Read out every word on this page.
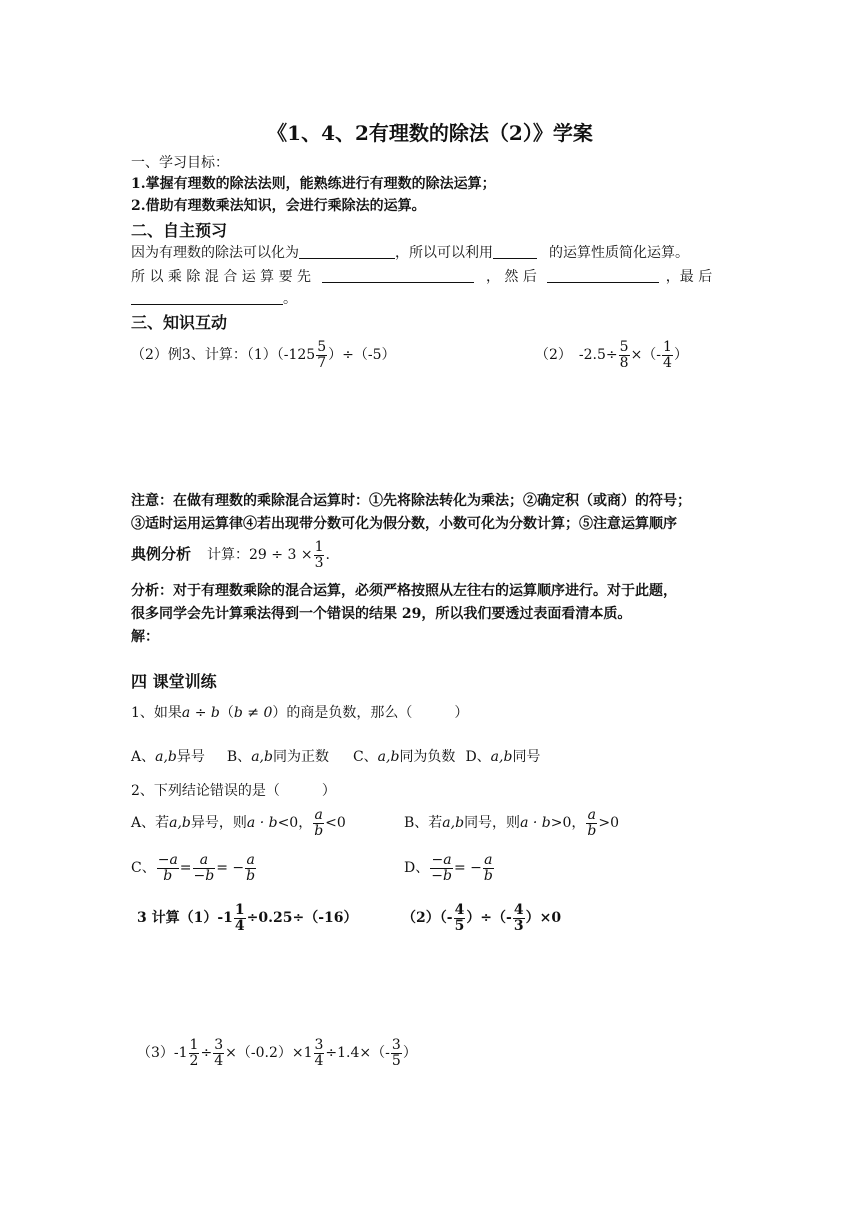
《1、4、2有理数的除法（2）》学案
一、学习目标：
1.掌握有理数的除法法则，能熟练进行有理数的除法运算；
2.借助有理数乘法知识，会进行乘除法的运算。
二、自主预习
因为有理数的除法可以化为	，所以可以利用	的运算性质简化运算。
所 以 乘 除 混 合 运 算 要 先	， 然 后	，最 后
。
三、知识互动
（2）例3、计算：$(1)(-125 \frac{5}{7} )\div(-5)$	（2）　$-2.5\div \frac{5}{8}$ ×（- $\frac{1}{4}$ ）
注意：在做有理数的乘除混合运算时：①先将除法转化为乘法；②确定积（或商）的符号；
③适时运用运算律④若出现带分数可化为假分数，小数可化为分数计算；⑤注意运算顺序
典例分析 计算：$29 \div 3 \times \frac{1}{3}$ .
分析：对于有理数乘除的混合运算，必须严格按照从左往右的运算顺序进行。对于此题，
很多同学会先计算乘法得到一个错误的结果 29，所以我们要透过表面看清本质。
解：
四 课堂训练
1、如果a ÷ b（b ≠ 0）的商是负数，那么（　　　）
A、a,b异号 B、a,b同为正数 C、a,b同为负数 D、a,b同号
2、下列结论错误的是（　　　）
A、若a,b异号，则a · b<0， $\frac{a}{b} <0$	B、若a,b同号，则a · b>0， $\frac{a}{b} >0$
C、 $\frac{-a}{b} = \frac{a}{-b}$ = − $\frac{a}{b}$	D、 $\frac{-a}{-b}$ = − $\frac{a}{b}$
3 计算$(1)-1 \frac{1}{4} \div 0.25\div(-16)$	$(2)(- \frac{4}{5}$ ）÷（- $\frac{4}{3} )\times 0$
$(3)-1 \frac{1}{2} \div \frac{3}{4} \times(-0.2)\times 1 \frac{3}{4} \div 1.4\times(- \frac{3}{5}$ ）
